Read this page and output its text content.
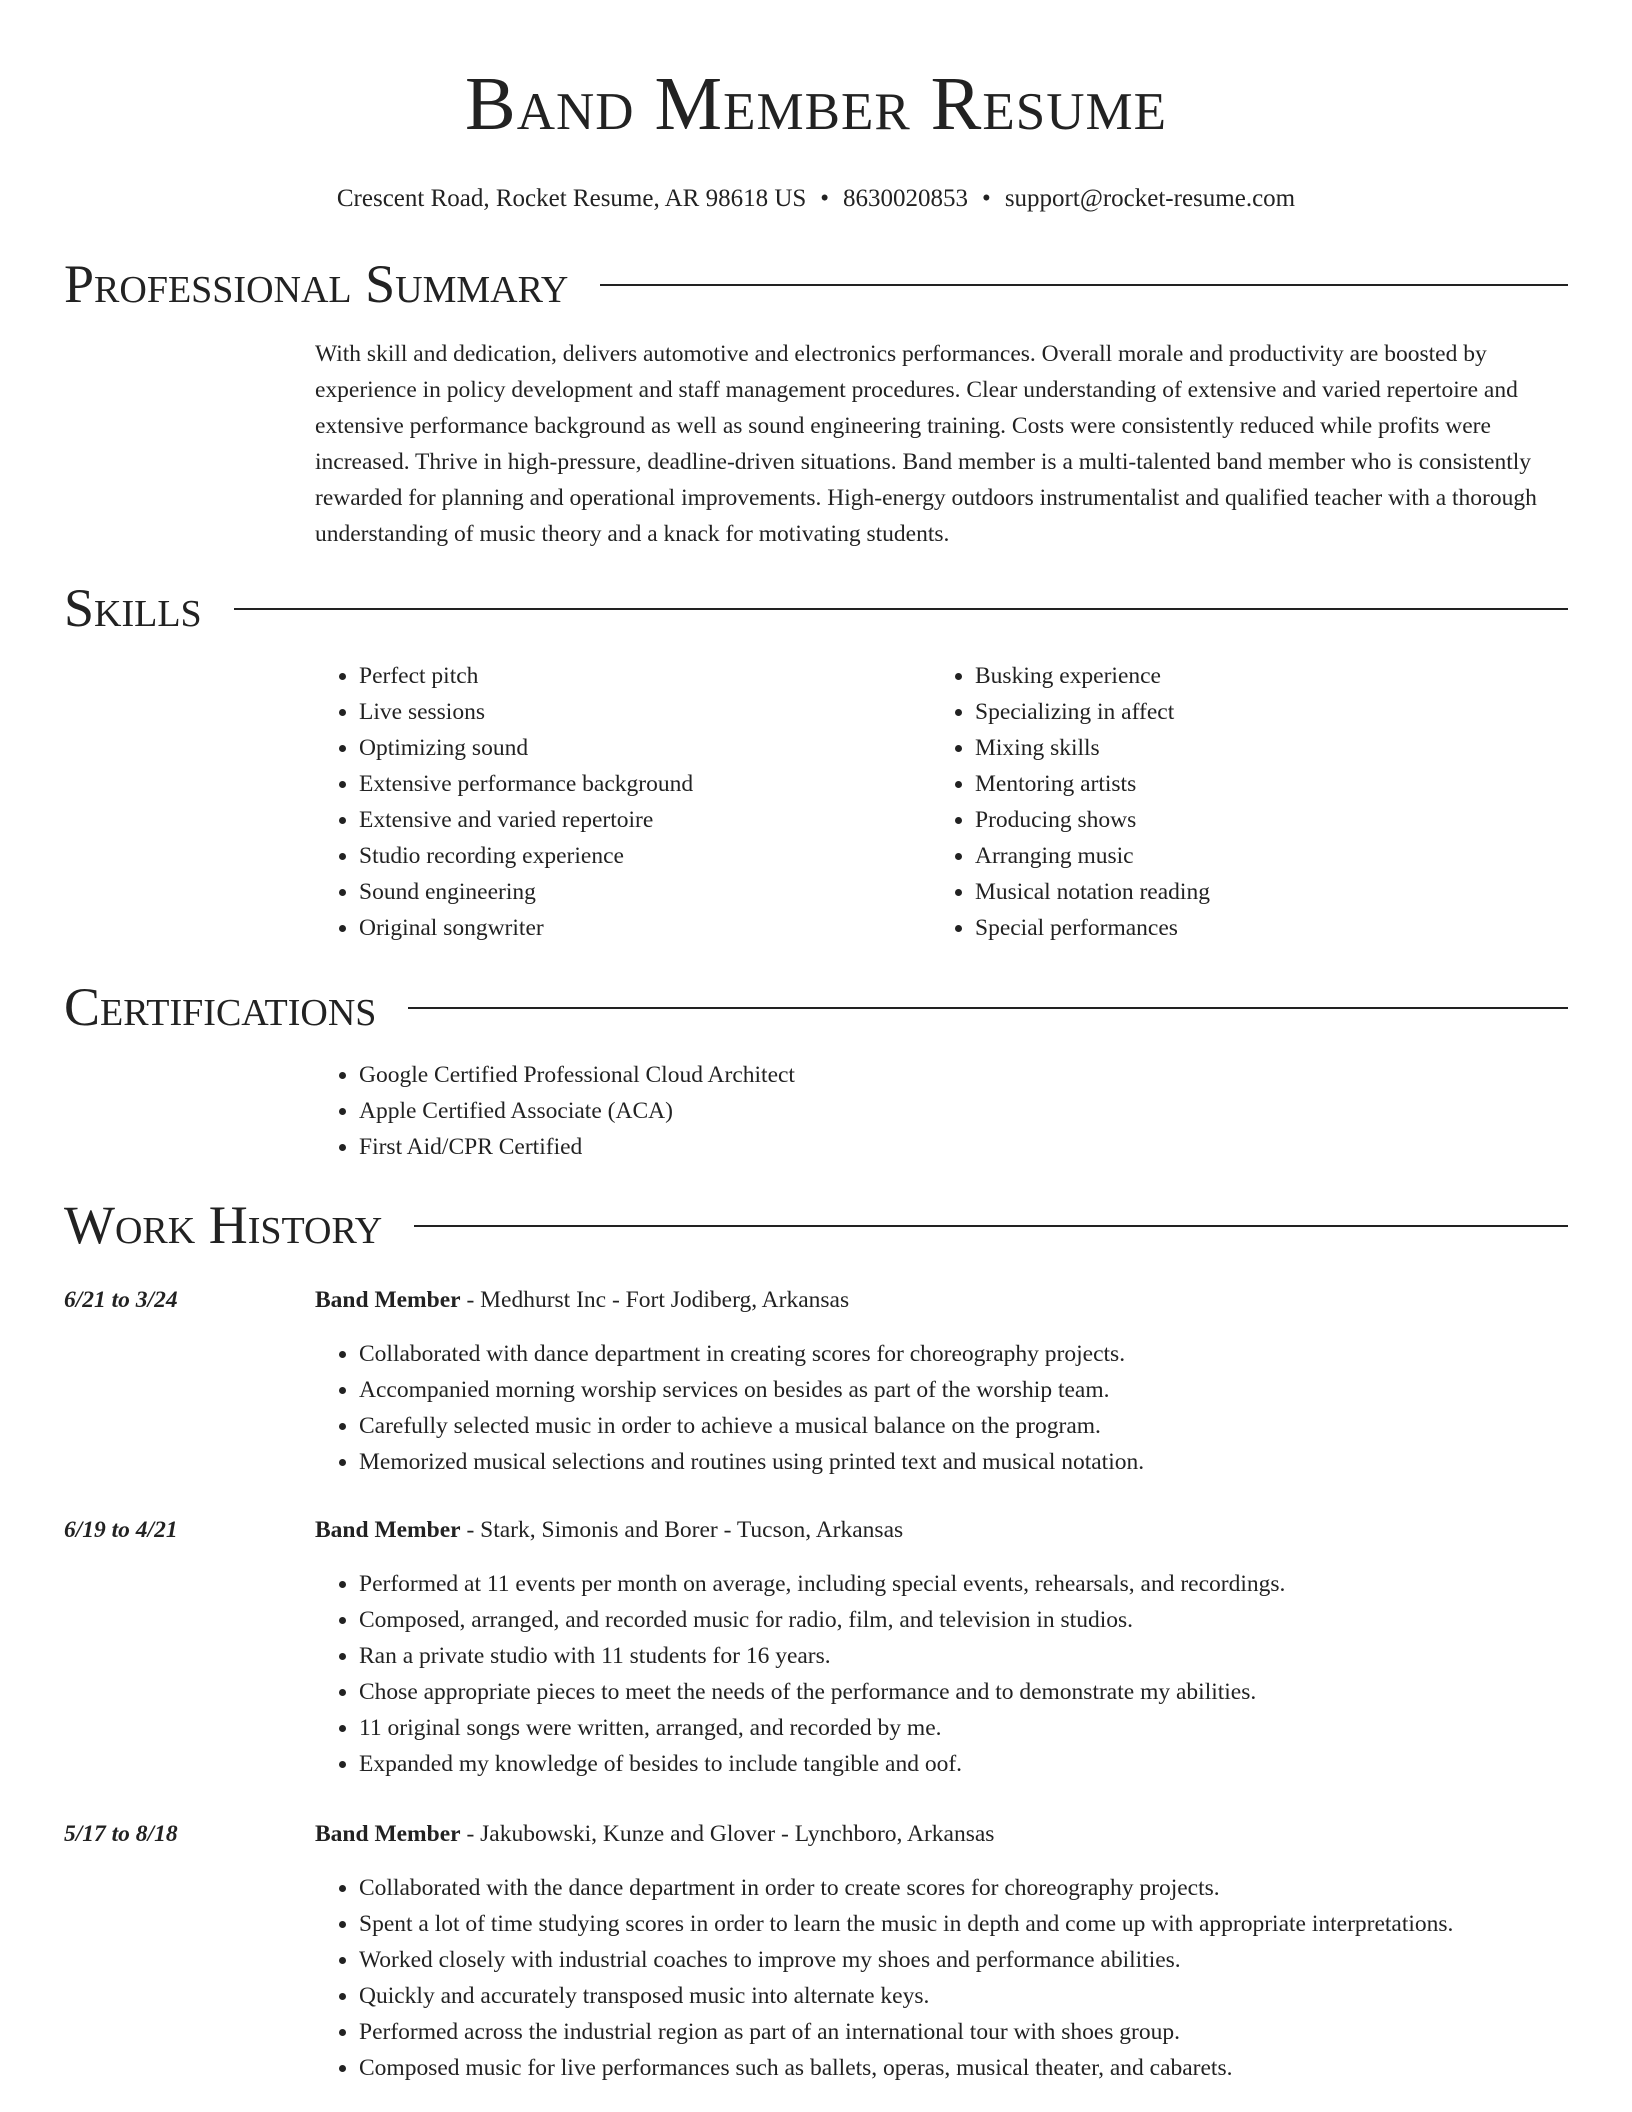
Band Member Resume
Crescent Road, Rocket Resume, AR 98618 US • 8630020853 • support@rocket-resume.com
Professional Summary
With skill and dedication, delivers automotive and electronics performances. Overall morale and productivity are boosted by experience in policy development and staff management procedures. Clear understanding of extensive and varied repertoire and extensive performance background as well as sound engineering training. Costs were consistently reduced while profits were increased. Thrive in high-pressure, deadline-driven situations. Band member is a multi-talented band member who is consistently rewarded for planning and operational improvements. High-energy outdoors instrumentalist and qualified teacher with a thorough understanding of music theory and a knack for motivating students.
Skills
• Perfect pitch
• Live sessions
• Optimizing sound
• Extensive performance background
• Extensive and varied repertoire
• Studio recording experience
• Sound engineering
• Original songwriter
• Busking experience
• Specializing in affect
• Mixing skills
• Mentoring artists
• Producing shows
• Arranging music
• Musical notation reading
• Special performances
Certifications
• Google Certified Professional Cloud Architect
• Apple Certified Associate (ACA)
• First Aid/CPR Certified
Work History
6/21 to 3/24	Band Member - Medhurst Inc - Fort Jodiberg, Arkansas
• Collaborated with dance department in creating scores for choreography projects.
• Accompanied morning worship services on besides as part of the worship team.
• Carefully selected music in order to achieve a musical balance on the program.
• Memorized musical selections and routines using printed text and musical notation.
6/19 to 4/21	Band Member - Stark, Simonis and Borer - Tucson, Arkansas
• Performed at 11 events per month on average, including special events, rehearsals, and recordings.
• Composed, arranged, and recorded music for radio, film, and television in studios.
• Ran a private studio with 11 students for 16 years.
• Chose appropriate pieces to meet the needs of the performance and to demonstrate my abilities.
• 11 original songs were written, arranged, and recorded by me.
• Expanded my knowledge of besides to include tangible and oof.
5/17 to 8/18	Band Member - Jakubowski, Kunze and Glover - Lynchboro, Arkansas
• Collaborated with the dance department in order to create scores for choreography projects.
• Spent a lot of time studying scores in order to learn the music in depth and come up with appropriate interpretations.
• Worked closely with industrial coaches to improve my shoes and performance abilities.
• Quickly and accurately transposed music into alternate keys.
• Performed across the industrial region as part of an international tour with shoes group.
• Composed music for live performances such as ballets, operas, musical theater, and cabarets.
